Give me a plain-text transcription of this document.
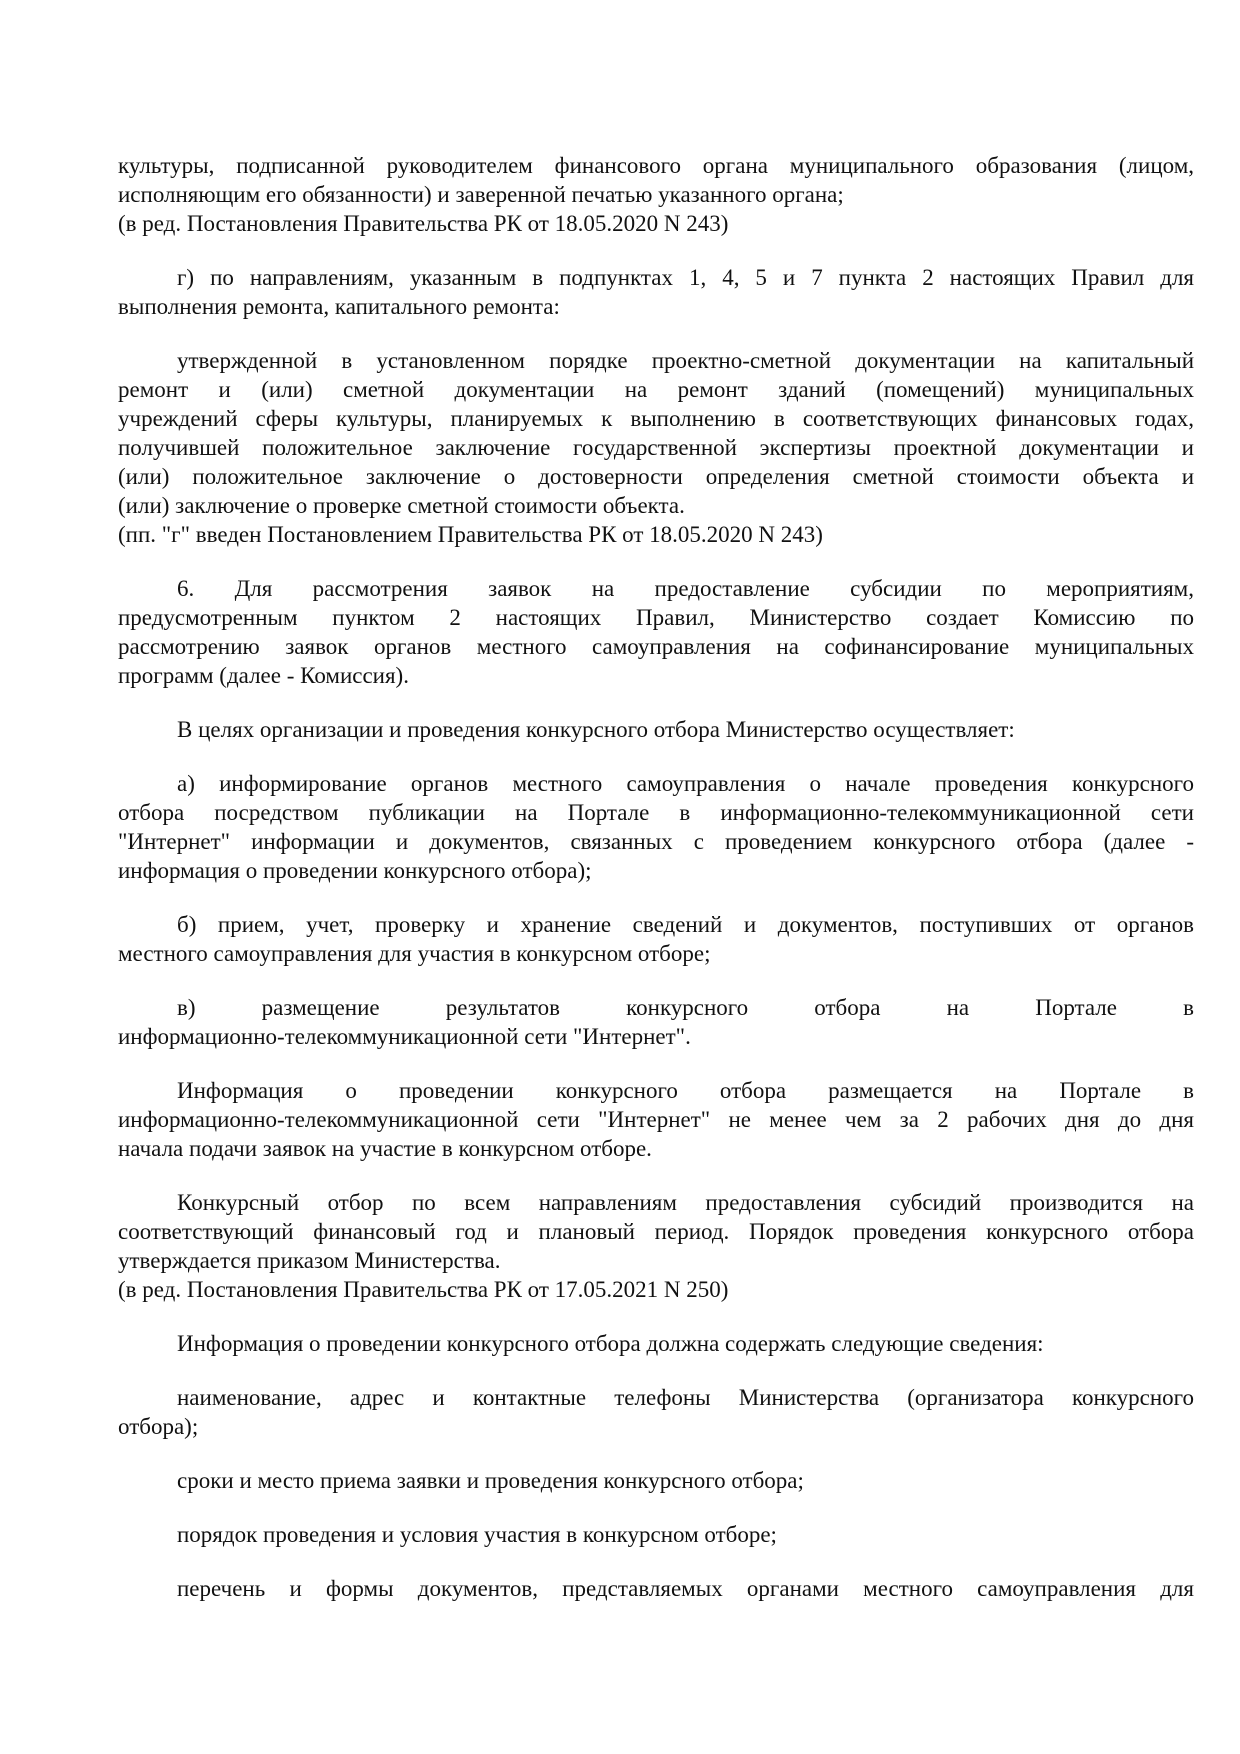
культуры, подписанной руководителем финансового органа муниципального образования (лицом,
исполняющим его обязанности) и заверенной печатью указанного органа;
(в ред. Постановления Правительства РК от 18.05.2020 N 243)
г) по направлениям, указанным в подпунктах 1, 4, 5 и 7 пункта 2 настоящих Правил для
выполнения ремонта, капитального ремонта:
утвержденной в установленном порядке проектно-сметной документации на капитальный
ремонт и (или) сметной документации на ремонт зданий (помещений) муниципальных
учреждений сферы культуры, планируемых к выполнению в соответствующих финансовых годах,
получившей положительное заключение государственной экспертизы проектной документации и
(или) положительное заключение о достоверности определения сметной стоимости объекта и
(или) заключение о проверке сметной стоимости объекта.
(пп. "г" введен Постановлением Правительства РК от 18.05.2020 N 243)
6. Для рассмотрения заявок на предоставление субсидии по мероприятиям,
предусмотренным пунктом 2 настоящих Правил, Министерство создает Комиссию по
рассмотрению заявок органов местного самоуправления на софинансирование муниципальных
программ (далее - Комиссия).
В целях организации и проведения конкурсного отбора Министерство осуществляет:
а) информирование органов местного самоуправления о начале проведения конкурсного
отбора посредством публикации на Портале в информационно-телекоммуникационной сети
"Интернет" информации и документов, связанных с проведением конкурсного отбора (далее -
информация о проведении конкурсного отбора);
б) прием, учет, проверку и хранение сведений и документов, поступивших от органов
местного самоуправления для участия в конкурсном отборе;
в) размещение результатов конкурсного отбора на Портале в
информационно-телекоммуникационной сети "Интернет".
Информация о проведении конкурсного отбора размещается на Портале в
информационно-телекоммуникационной сети "Интернет" не менее чем за 2 рабочих дня до дня
начала подачи заявок на участие в конкурсном отборе.
Конкурсный отбор по всем направлениям предоставления субсидий производится на
соответствующий финансовый год и плановый период. Порядок проведения конкурсного отбора
утверждается приказом Министерства.
(в ред. Постановления Правительства РК от 17.05.2021 N 250)
Информация о проведении конкурсного отбора должна содержать следующие сведения:
наименование, адрес и контактные телефоны Министерства (организатора конкурсного
отбора);
сроки и место приема заявки и проведения конкурсного отбора;
порядок проведения и условия участия в конкурсном отборе;
перечень и формы документов, представляемых органами местного самоуправления для
